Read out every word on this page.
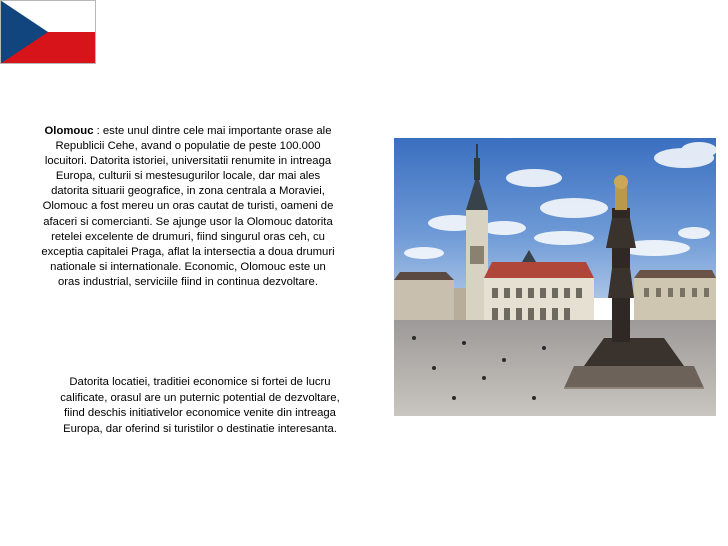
Olomouc : este unul dintre cele mai importante orase ale Republicii Cehe, avand o populatie de peste 100.000 locuitori. Datorita istoriei, universitatii renumite in intreaga Europa, culturii si mestesugurilor locale, dar mai ales datorita situarii geografice, in zona centrala a Moraviei, Olomouc a fost mereu un oras cautat de turisti, oameni de afaceri si comercianti. Se ajunge usor la Olomouc datorita retelei excelente de drumuri, fiind singurul oras ceh, cu exceptia capitalei Praga, aflat la intersectia a doua drumuri nationale si internationale. Economic, Olomouc este un oras industrial, serviciile fiind in continua dezvoltare.

Datorita locatiei, traditiei economice si fortei de lucru calificate, orasul are un puternic potential de dezvoltare, fiind deschis initiativelor economice venite din intreaga Europa, dar oferind si turistilor o destinatie interesanta.
